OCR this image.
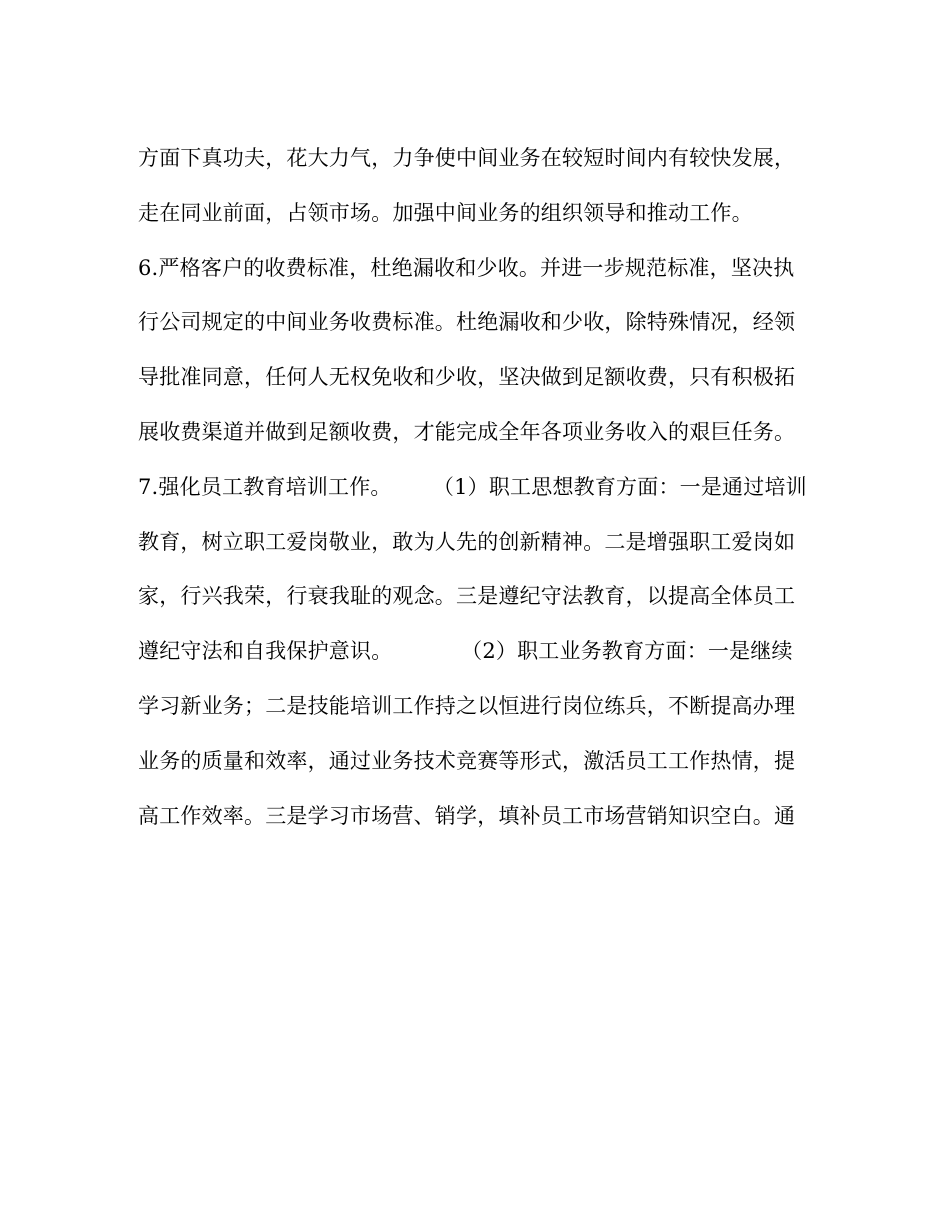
方面下真功夫，花大力气，力争使中间业务在较短时间内有较快发展，
走在同业前面，占领市场。加强中间业务的组织领导和推动工作。
6.严格客户的收费标准，杜绝漏收和少收。并进一步规范标准，坚决执
行公司规定的中间业务收费标准。杜绝漏收和少收，除特殊情况，经领
导批准同意，任何人无权免收和少收，坚决做到足额收费，只有积极拓
展收费渠道并做到足额收费，才能完成全年各项业务收入的艰巨任务。
7.强化员工教育培训工作。      （1）职工思想教育方面：一是通过培训
教育，树立职工爱岗敬业，敢为人先的创新精神。二是增强职工爱岗如
家，行兴我荣，行衰我耻的观念。三是遵纪守法教育，以提高全体员工
遵纪守法和自我保护意识。          （2）职工业务教育方面：一是继续
学习新业务；二是技能培训工作持之以恒进行岗位练兵，不断提高办理
业务的质量和效率，通过业务技术竞赛等形式，激活员工工作热情，提
高工作效率。三是学习市场营、销学，填补员工市场营销知识空白。通
